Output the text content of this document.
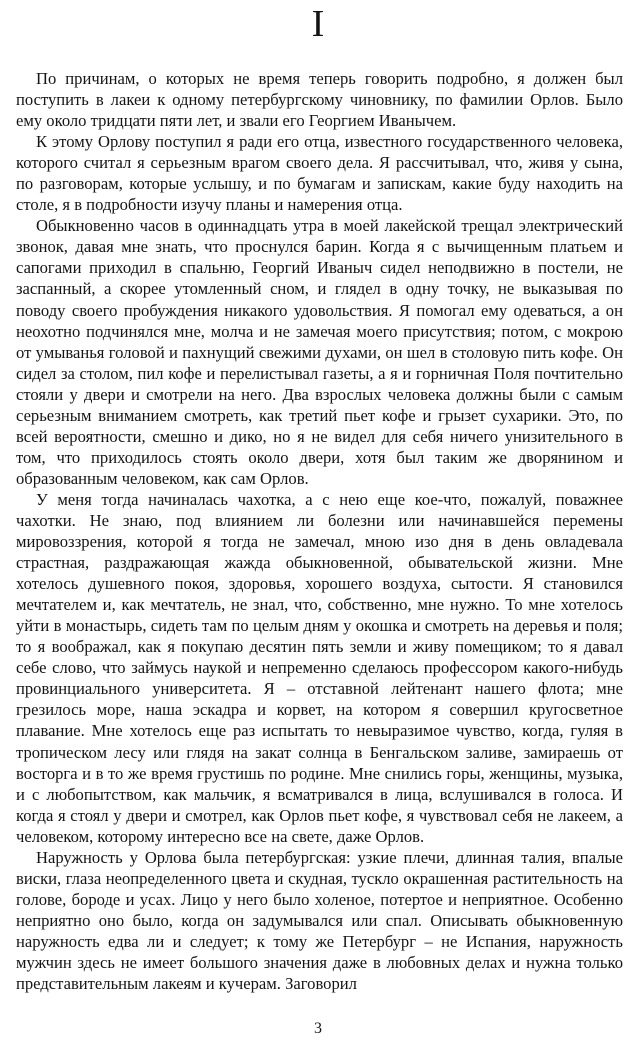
I

По причинам, о которых не время теперь говорить подробно, я должен был поступить в лакеи к одному петербургскому чиновнику, по фамилии Орлов. Было ему около тридцати пяти лет, и звали его Георгием Иванычем.

К этому Орлову поступил я ради его отца, известного государственного человека, которого считал я серьезным врагом своего дела. Я рассчитывал, что, живя у сына, по разговорам, которые услышу, и по бумагам и запискам, какие буду находить на столе, я в подробности изучу планы и намерения отца.

Обыкновенно часов в одиннадцать утра в моей лакейской трещал электрический звонок, давая мне знать, что проснулся барин. Когда я с вычищенным платьем и сапогами приходил в спальню, Георгий Иваныч сидел неподвижно в постели, не заспанный, а скорее утомленный сном, и глядел в одну точку, не выказывая по поводу своего пробуждения никакого удовольствия. Я помогал ему одеваться, а он неохотно подчинялся мне, молча и не замечая моего присутствия; потом, с мокрою от умыванья головой и пахнущий свежими духами, он шел в столовую пить кофе. Он сидел за столом, пил кофе и перелистывал газеты, а я и горничная Поля почтительно стояли у двери и смотрели на него. Два взрослых человека должны были с самым серьезным вниманием смотреть, как третий пьет кофе и грызет сухарики. Это, по всей вероятности, смешно и дико, но я не видел для себя ничего унизительного в том, что приходилось стоять около двери, хотя был таким же дворянином и образованным человеком, как сам Орлов.

У меня тогда начиналась чахотка, а с нею еще кое-что, пожалуй, поважнее чахотки. Не знаю, под влиянием ли болезни или начинавшейся перемены мировоззрения, которой я тогда не замечал, мною изо дня в день овладевала страстная, раздражающая жажда обыкновенной, обывательской жизни. Мне хотелось душевного покоя, здоровья, хорошего воздуха, сытости. Я становился мечтателем и, как мечтатель, не знал, что, собственно, мне нужно. То мне хотелось уйти в монастырь, сидеть там по целым дням у окошка и смотреть на деревья и поля; то я воображал, как я покупаю десятин пять земли и живу помещиком; то я давал себе слово, что займусь наукой и непременно сделаюсь профессором какого-нибудь провинциального университета. Я – отставной лейтенант нашего флота; мне грезилось море, наша эскадра и корвет, на котором я совершил кругосветное плавание. Мне хотелось еще раз испытать то невыразимое чувство, когда, гуляя в тропическом лесу или глядя на закат солнца в Бенгальском заливе, замираешь от восторга и в то же время грустишь по родине. Мне снились горы, женщины, музыка, и с любопытством, как мальчик, я всматривался в лица, вслушивался в голоса. И когда я стоял у двери и смотрел, как Орлов пьет кофе, я чувствовал себя не лакеем, а человеком, которому интересно все на свете, даже Орлов.

Наружность у Орлова была петербургская: узкие плечи, длинная талия, впалые виски, глаза неопределенного цвета и скудная, тускло окрашенная растительность на голове, бороде и усах. Лицо у него было холеное, потертое и неприятное. Особенно неприятно оно было, когда он задумывался или спал. Описывать обыкновенную наружность едва ли и следует; к тому же Петербург – не Испания, наружность мужчин здесь не имеет большого значения даже в любовных делах и нужна только представительным лакеям и кучерам. Заговорил

3
